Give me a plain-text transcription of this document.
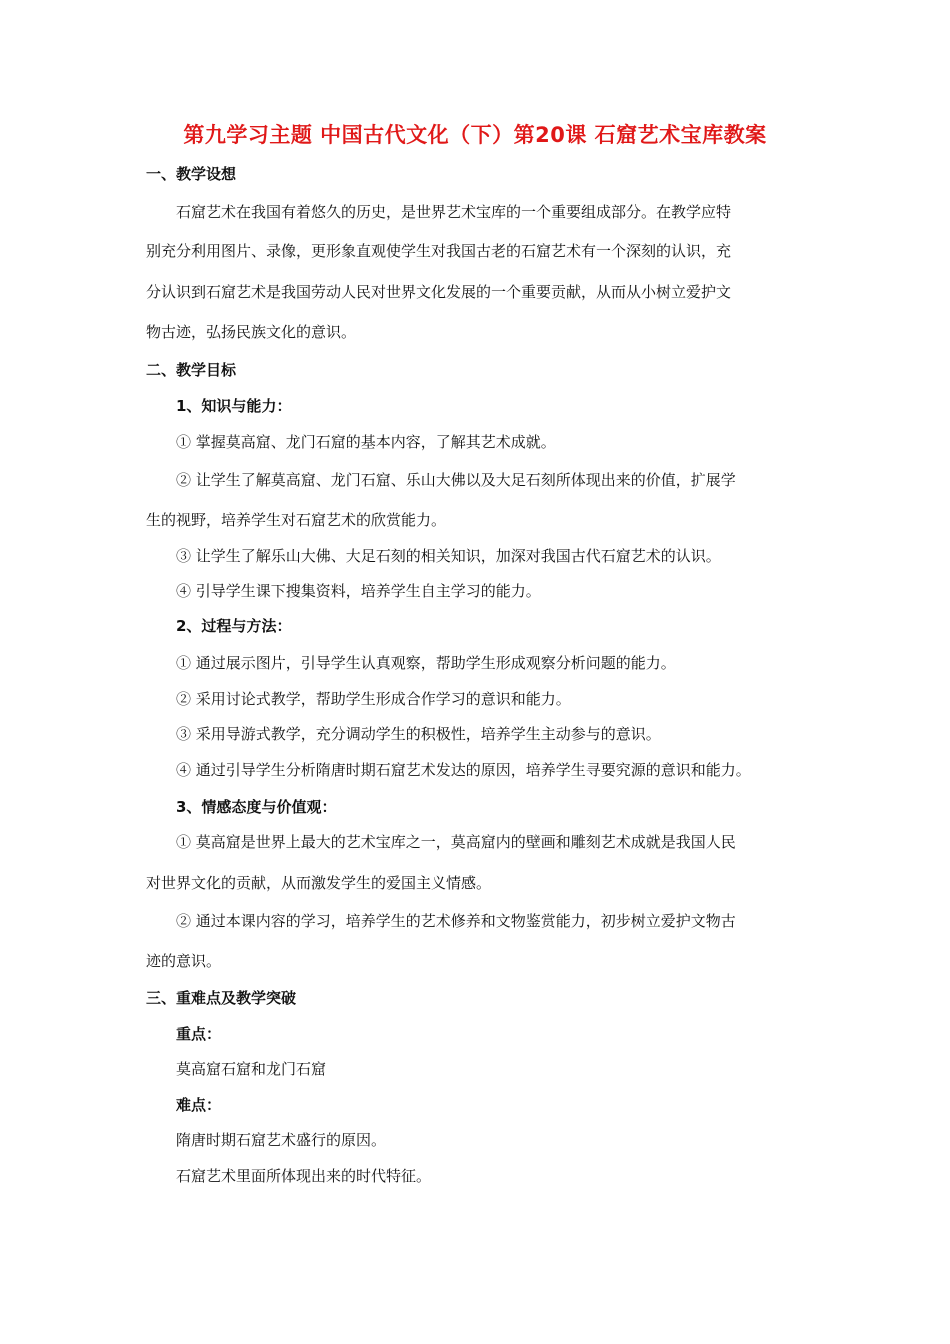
第九学习主题 中国古代文化（下）第20课 石窟艺术宝库教案
一、教学设想
石窟艺术在我国有着悠久的历史，是世界艺术宝库的一个重要组成部分。在教学应特
别充分利用图片、录像，更形象直观使学生对我国古老的石窟艺术有一个深刻的认识，充
分认识到石窟艺术是我国劳动人民对世界文化发展的一个重要贡献，从而从小树立爱护文
物古迹，弘扬民族文化的意识。
二、教学目标
1、知识与能力：
① 掌握莫高窟、龙门石窟的基本内容，了解其艺术成就。
② 让学生了解莫高窟、龙门石窟、乐山大佛以及大足石刻所体现出来的价值，扩展学
生的视野，培养学生对石窟艺术的欣赏能力。
③ 让学生了解乐山大佛、大足石刻的相关知识，加深对我国古代石窟艺术的认识。
④ 引导学生课下搜集资料，培养学生自主学习的能力。
2、过程与方法：
① 通过展示图片，引导学生认真观察，帮助学生形成观察分析问题的能力。
② 采用讨论式教学，帮助学生形成合作学习的意识和能力。
③ 采用导游式教学，充分调动学生的积极性，培养学生主动参与的意识。
④ 通过引导学生分析隋唐时期石窟艺术发达的原因，培养学生寻要究源的意识和能力。
3、情感态度与价值观：
① 莫高窟是世界上最大的艺术宝库之一，莫高窟内的壁画和雕刻艺术成就是我国人民
对世界文化的贡献，从而激发学生的爱国主义情感。
② 通过本课内容的学习，培养学生的艺术修养和文物鉴赏能力，初步树立爱护文物古
迹的意识。
三、重难点及教学突破
重点：
莫高窟石窟和龙门石窟
难点：
隋唐时期石窟艺术盛行的原因。
石窟艺术里面所体现出来的时代特征。
